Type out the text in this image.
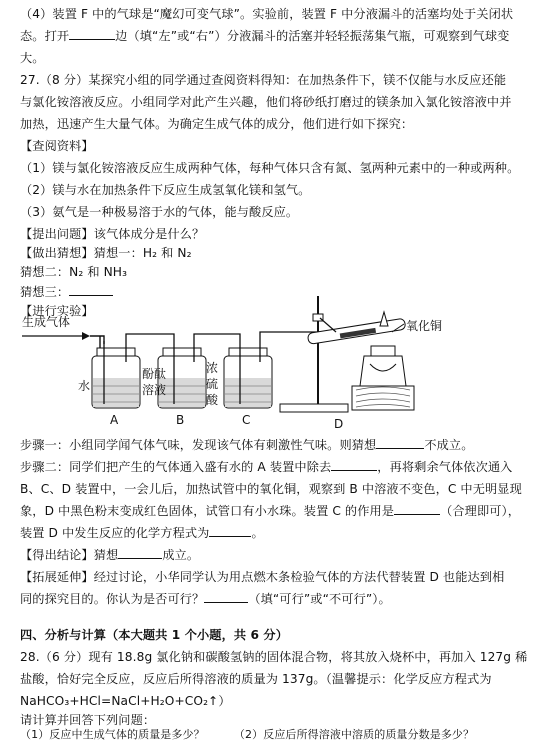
（4）装置 F 中的气球是“魔幻可变气球”。实验前，装置 F 中分液漏斗的活塞均处于关闭状
态。打开	边（填“左”或“右”）分液漏斗的活塞并轻轻振荡集气瓶，可观察到气球变
大。
27.（8 分）某探究小组的同学通过查阅资料得知：在加热条件下，镁不仅能与水反应还能
与氯化铵溶液反应。小组同学对此产生兴趣，他们将砂纸打磨过的镁条加入氯化铵溶液中并
加热，迅速产生大量气体。为确定生成气体的成分，他们进行如下探究：
【查阅资料】
（1）镁与氯化铵溶液反应生成两种气体，每种气体只含有氮、氢两种元素中的一种或两种。
（2）镁与水在加热条件下反应生成氢氧化镁和氢气。
（3）氨气是一种极易溶于水的气体，能与酸反应。
【提出问题】该气体成分是什么？
【做出猜想】猜想一：H₂ 和 N₂
猜想二：N₂ 和 NH₃
猜想三：
【进行实验】
生成气体
水
A
酚酞
溶液
B
浓
硫
酸
C
氧化铜
D
步骤一：小组同学闻气体气味，发现该气体有刺激性气味。则猜想	不成立。
步骤二：同学们把产生的气体通入盛有水的 A 装置中除去	，再将剩余气体依次通入
B、C、D 装置中，一会儿后，加热试管中的氧化铜，观察到 B 中溶液不变色，C 中无明显现
象，D 中黑色粉末变成红色固体，试管口有小水珠。装置 C 的作用是	（合理即可），
装置 D 中发生反应的化学方程式为	。
【得出结论】猜想	成立。
【拓展延伸】经过讨论，小华同学认为用点燃木条检验气体的方法代替装置 D 也能达到相
同的探究目的。你认为是否可行？	（填“可行”或“不可行”）。
四、分析与计算（本大题共 1 个小题，共 6 分）
28.（6 分）现有 18.8g 氯化钠和碳酸氢钠的固体混合物，将其放入烧杯中，再加入 127g 稀
盐酸，恰好完全反应，反应后所得溶液的质量为 137g。（温馨提示：化学反应方程式为
NaHCO₃+HCl=NaCl+H₂O+CO₂↑）
请计算并回答下列问题：
（1）反应中生成气体的质量是多少？	（2）反应后所得溶液中溶质的质量分数是多少？
